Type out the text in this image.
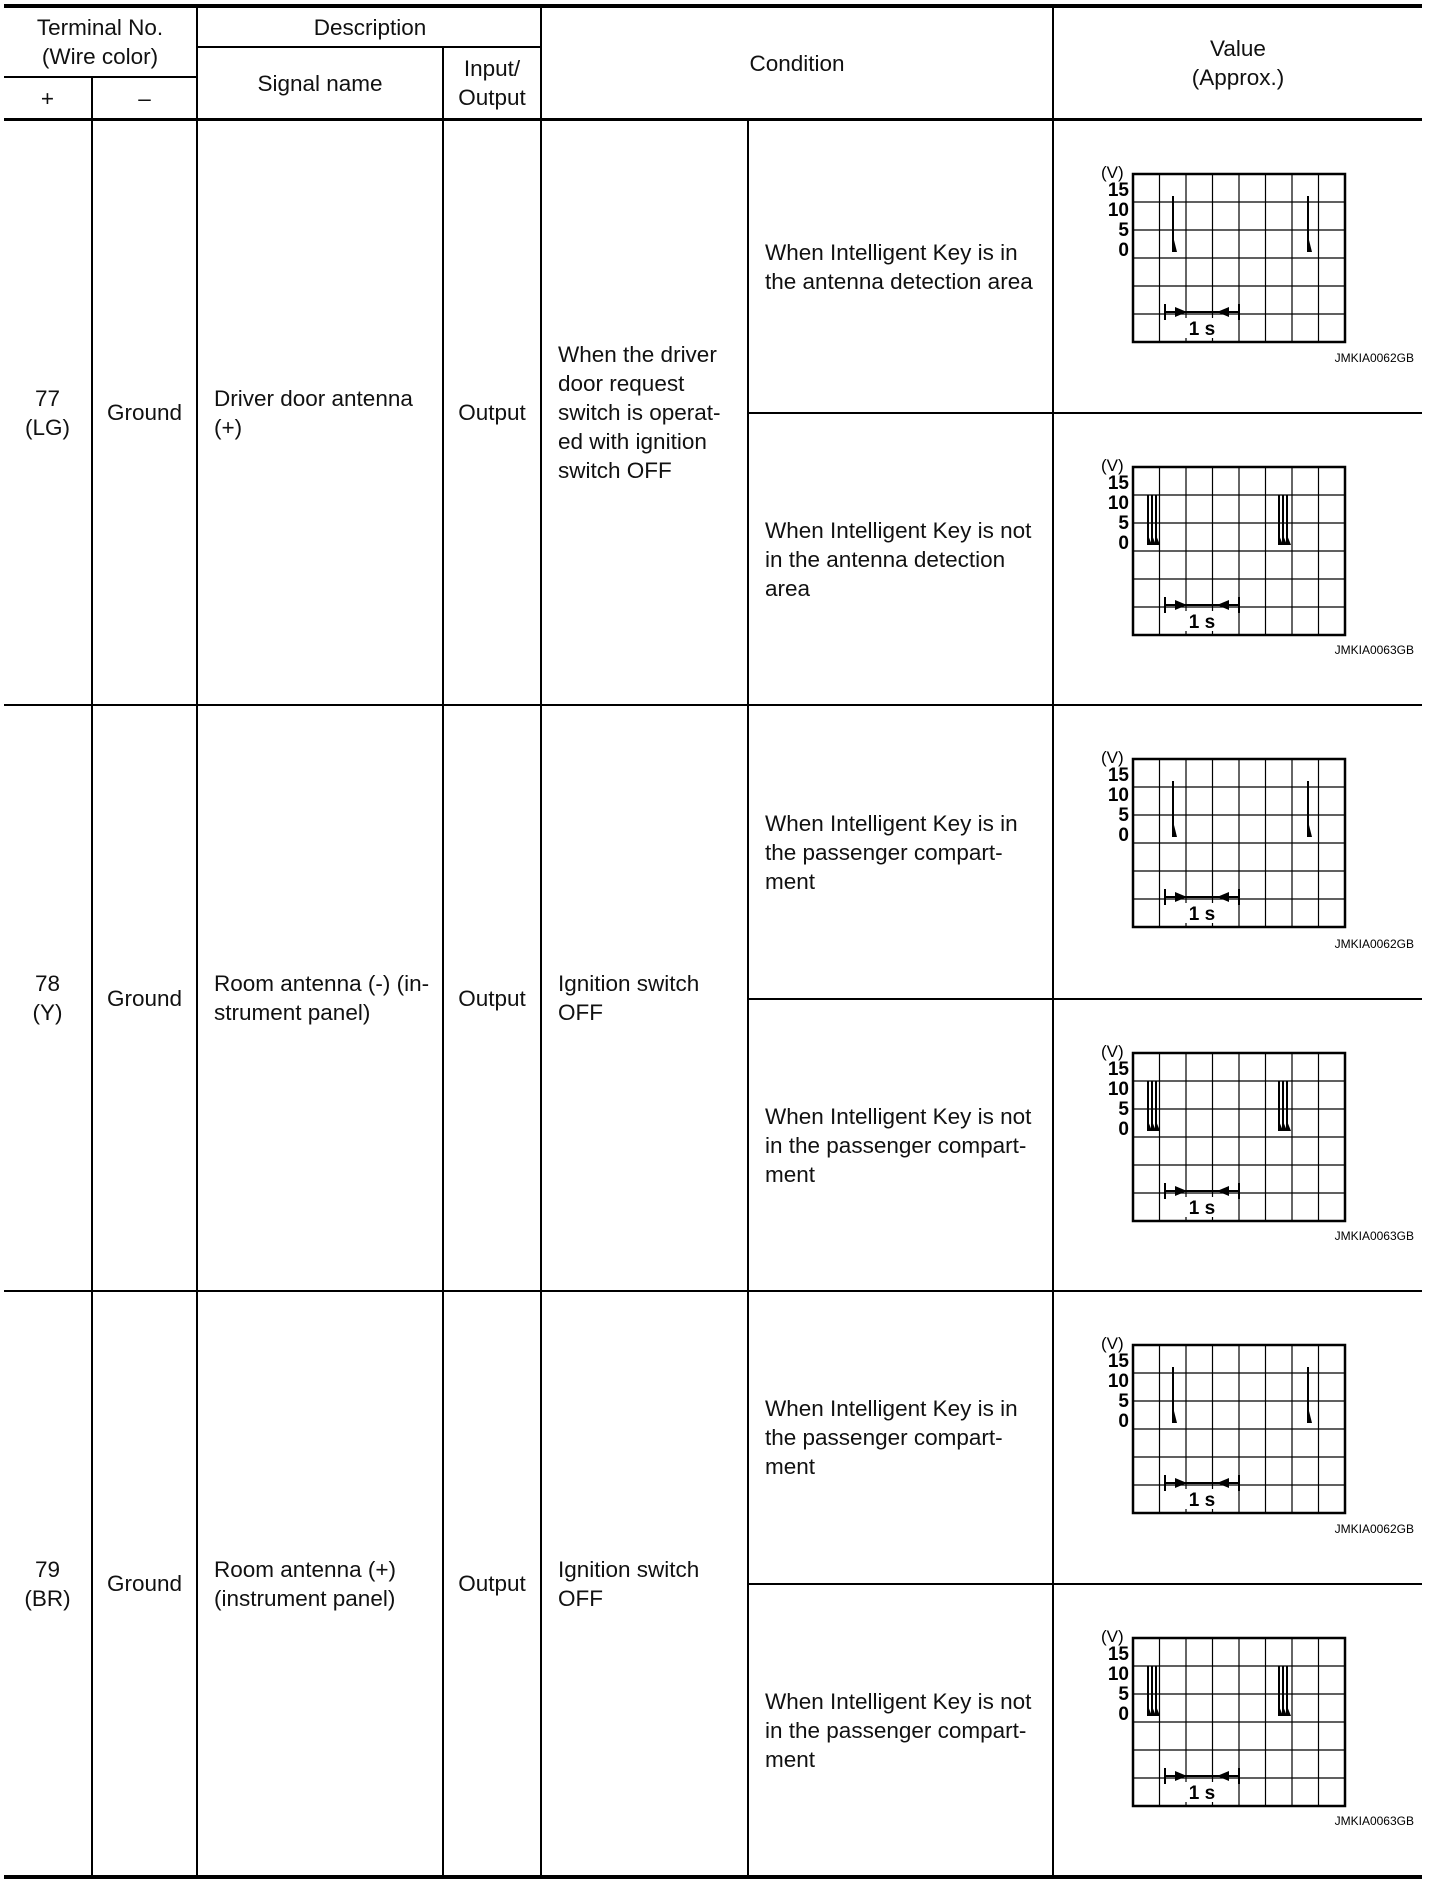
Terminal No.
(Wire color)
+	–
Description
Signal name
Input/
Output
Condition
Value
(Approx.)
77
(LG)
Ground
Driver door antenna
(+)
Output
When the driver
door request
switch is operat-
ed with ignition
switch OFF
When Intelligent Key is in
the antenna detection area
(V)
15
10
5
0
1 s
JMKIA0062GB
When Intelligent Key is not
in the antenna detection
area
(V)
15
10
5
0
1 s
JMKIA0063GB
78
(Y)
Ground
Room antenna (-) (in-
strument panel)
Output
Ignition switch
OFF
When Intelligent Key is in
the passenger compart-
ment
(V)
15
10
5
0
1 s
JMKIA0062GB
When Intelligent Key is not
in the passenger compart-
ment
(V)
15
10
5
0
1 s
JMKIA0063GB
79
(BR)
Ground
Room antenna (+)
(instrument panel)
Output
Ignition switch
OFF
When Intelligent Key is in
the passenger compart-
ment
(V)
15
10
5
0
1 s
JMKIA0062GB
When Intelligent Key is not
in the passenger compart-
ment
(V)
15
10
5
0
1 s
JMKIA0063GB
